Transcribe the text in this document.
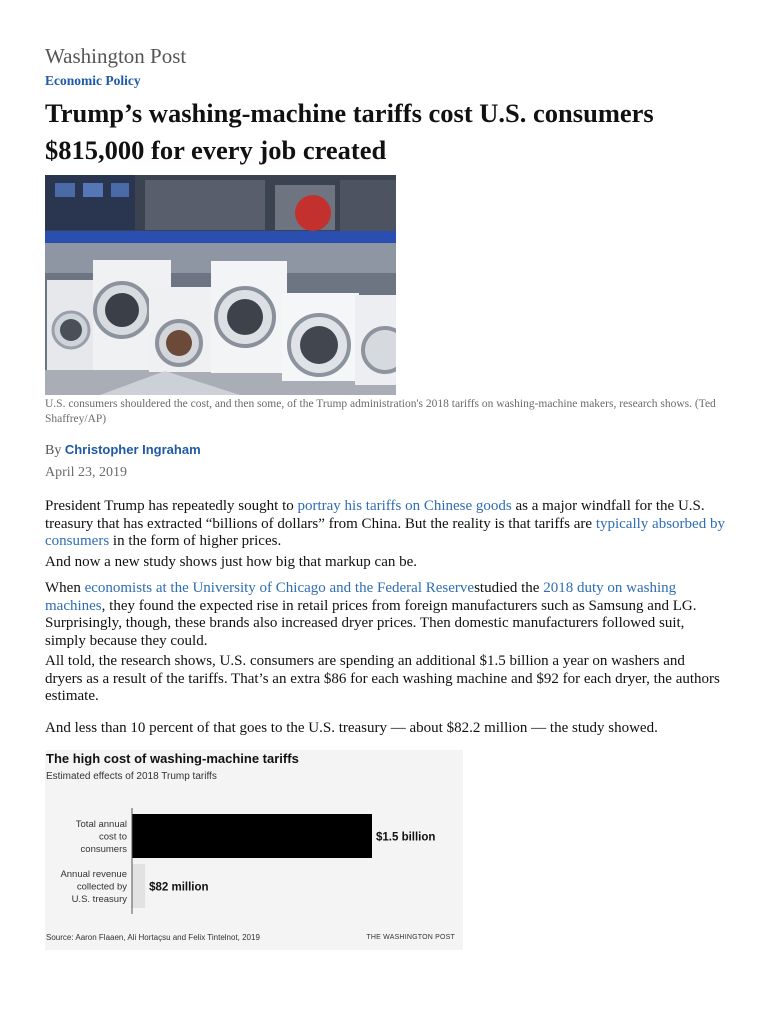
Washington Post
Economic Policy
Trump’s washing-machine tariffs cost U.S. consumers $815,000 for every job created
U.S. consumers shouldered the cost, and then some, of the Trump administration's 2018 tariffs on washing-machine makers, research shows. (Ted Shaffrey/AP)
By Christopher Ingraham
April 23, 2019

President Trump has repeatedly sought to portray his tariffs on Chinese goods as a major windfall for the U.S. treasury that has extracted “billions of dollars” from China. But the reality is that tariffs are typically absorbed by consumers in the form of higher prices.

And now a new study shows just how big that markup can be.

When economists at the University of Chicago and the Federal Reservestudied the 2018 duty on washing machines, they found the expected rise in retail prices from foreign manufacturers such as Samsung and LG. Surprisingly, though, these brands also increased dryer prices. Then domestic manufacturers followed suit, simply because they could.

All told, the research shows, U.S. consumers are spending an additional $1.5 billion a year on washers and dryers as a result of the tariffs. That’s an extra $86 for each washing machine and $92 for each dryer, the authors estimate.

And less than 10 percent of that goes to the U.S. treasury — about $82.2 million — the study showed.

The high cost of washing-machine tariffs
Estimated effects of 2018 Trump tariffs
Total annual
cost to
consumers
$1.5 billion
Annual revenue
collected by
U.S. treasury
$82 million
Source: Aaron Flaaen, Ali Hortaçsu and Felix Tintelnot, 2019	THE WASHINGTON POST
